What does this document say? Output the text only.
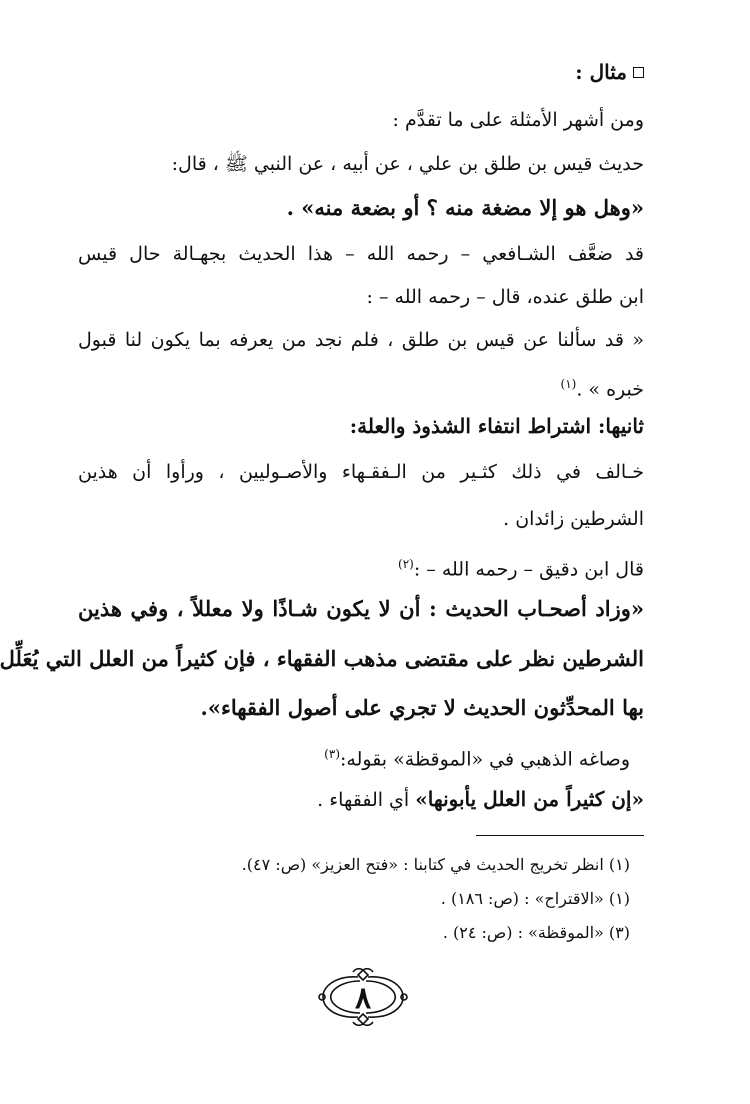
مثال :
ومن أشهر الأمثلة على ما تقدَّم :
حديث قيس بن طلق بن علي ، عن أبيه ، عن النبي ﷺ ، قال:
«وهل هو إلا مضغة منه ؟ أو بضعة منه» .
قد ضعَّف الشـافعي – رحمه الله – هذا الحديث بجهـالة حال قيس
ابن طلق عنده، قال – رحمه الله – :
« قد سألنا عن قيس بن طلق ، فلم نجد من يعرفه بما يكون لنا قبول
خبره » .$^{(١)}$
ثانيها: اشتراط انتفاء الشذوذ والعلة:
خـالف في ذلك كثـير من الـفقـهاء والأصـوليين ، ورأوا أن هذين
الشرطين زائدان .
قال ابن دقيق – رحمه الله – :$^{(٢)}$
«وزاد أصحـاب الحديث : أن لا يكون شـاذًا ولا معللاً ، وفي هذين
الشرطين نظر على مقتضى مذهب الفقهاء ، فإن كثيراً من العلل التي يُعَلِّل
بها المحدِّثون الحديث لا تجري على أصول الفقهاء».
وصاغه الذهبي في «الموقظة» بقوله:$^{(٣)}$
«إن كثيراً من العلل يأبونها» أي الفقهاء .
(١) انظر تخريج الحديث في كتابنا : «فتح العزيز» (ص: ٤٧).
(١) «الاقتراح» : (ص: ١٨٦) .
(٣) «الموقظة» : (ص: ٢٤) .
٨
